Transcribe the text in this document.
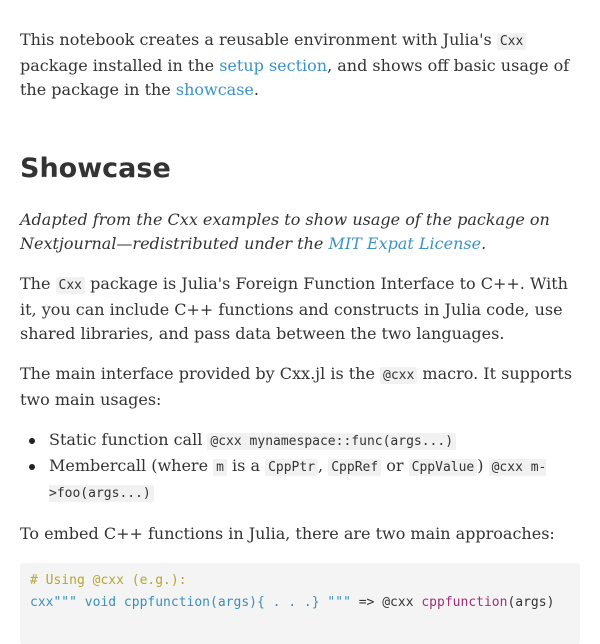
This notebook creates a reusable environment with Julia's Cxx package installed in the setup section, and shows off basic usage of the package in the showcase.

Showcase

Adapted from the Cxx examples to show usage of the package on Nextjournal—redistributed under the MIT Expat License.

The Cxx package is Julia's Foreign Function Interface to C++. With it, you can include C++ functions and constructs in Julia code, use shared libraries, and pass data between the two languages.

The main interface provided by Cxx.jl is the @cxx macro. It supports two main usages:

Static function call @cxx mynamespace::func(args...)
Membercall (where m is a CppPtr , CppRef or CppValue ) @cxx m->foo(args...)

To embed C++ functions in Julia, there are two main approaches:

# Using @cxx (e.g.):
cxx""" void cppfunction(args){ . . .} """ => @cxx cppfunction(args)
